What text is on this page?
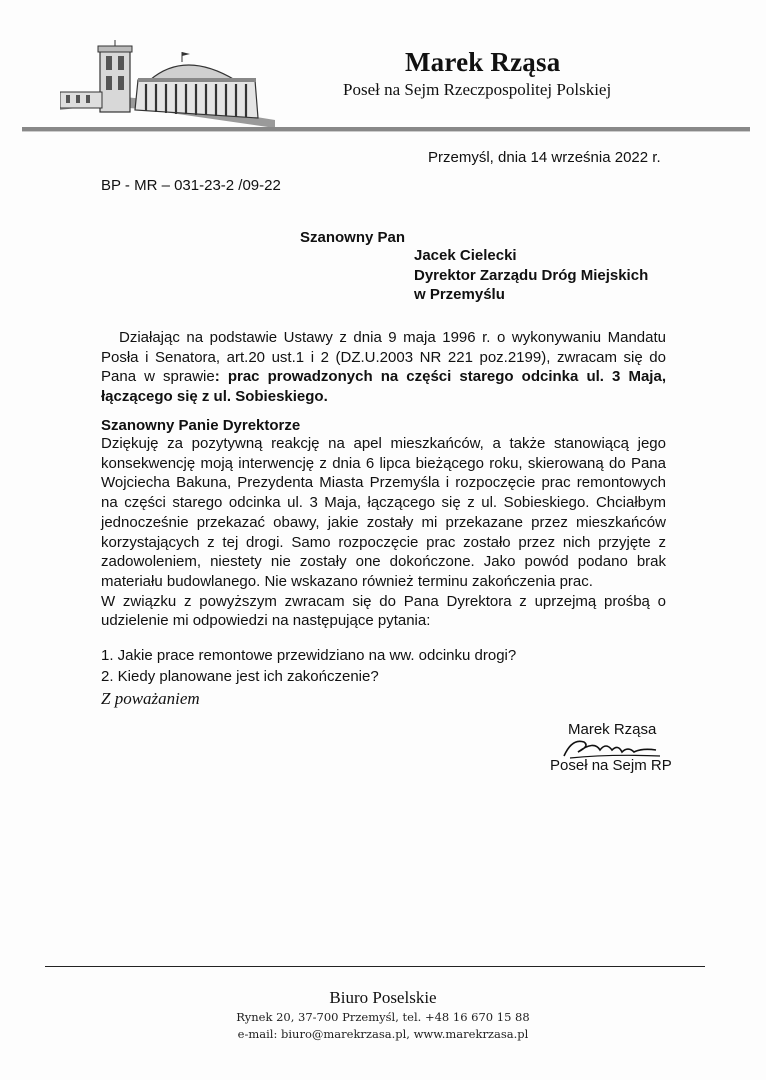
Marek Rząsa
Poseł na Sejm Rzeczpospolitej Polskiej
Przemyśl, dnia 14 września 2022 r.
BP - MR – 031-23-2 /09-22
Szanowny Pan
Jacek Cielecki
Dyrektor Zarządu Dróg Miejskich
w Przemyślu
Działając na podstawie Ustawy z dnia 9 maja 1996 r. o wykonywaniu Mandatu Posła i Senatora, art.20 ust.1 i 2 (DZ.U.2003 NR 221 poz.2199), zwracam się do Pana w sprawie: prac prowadzonych na części starego odcinka ul. 3 Maja, łączącego się z ul. Sobieskiego.
Szanowny Panie Dyrektorze

Dziękuję za pozytywną reakcję na apel mieszkańców, a także stanowiącą jego konsekwencję moją interwencję z dnia 6 lipca bieżącego roku, skierowaną do Pana Wojciecha Bakuna, Prezydenta Miasta Przemyśla i rozpoczęcie prac remontowych na części starego odcinka ul. 3 Maja, łączącego się z ul. Sobieskiego. Chciałbym jednocześnie przekazać obawy, jakie zostały mi przekazane przez mieszkańców korzystających z tej drogi. Samo rozpoczęcie prac zostało przez nich przyjęte z zadowoleniem, niestety nie zostały one dokończone. Jako powód podano brak materiału budowlanego. Nie wskazano również terminu zakończenia prac.

W związku z powyższym zwracam się do Pana Dyrektora z uprzejmą prośbą o udzielenie mi odpowiedzi na następujące pytania:

1. Jakie prace remontowe przewidziano na ww. odcinku drogi?
2. Kiedy planowane jest ich zakończenie?
Z poważaniem
Marek Rząsa
Poseł na Sejm RP
Biuro Poselskie
Rynek 20, 37-700 Przemyśl, tel. +48 16 670 15 88
e-mail: biuro@marekrzasa.pl, www.marekrzasa.pl
